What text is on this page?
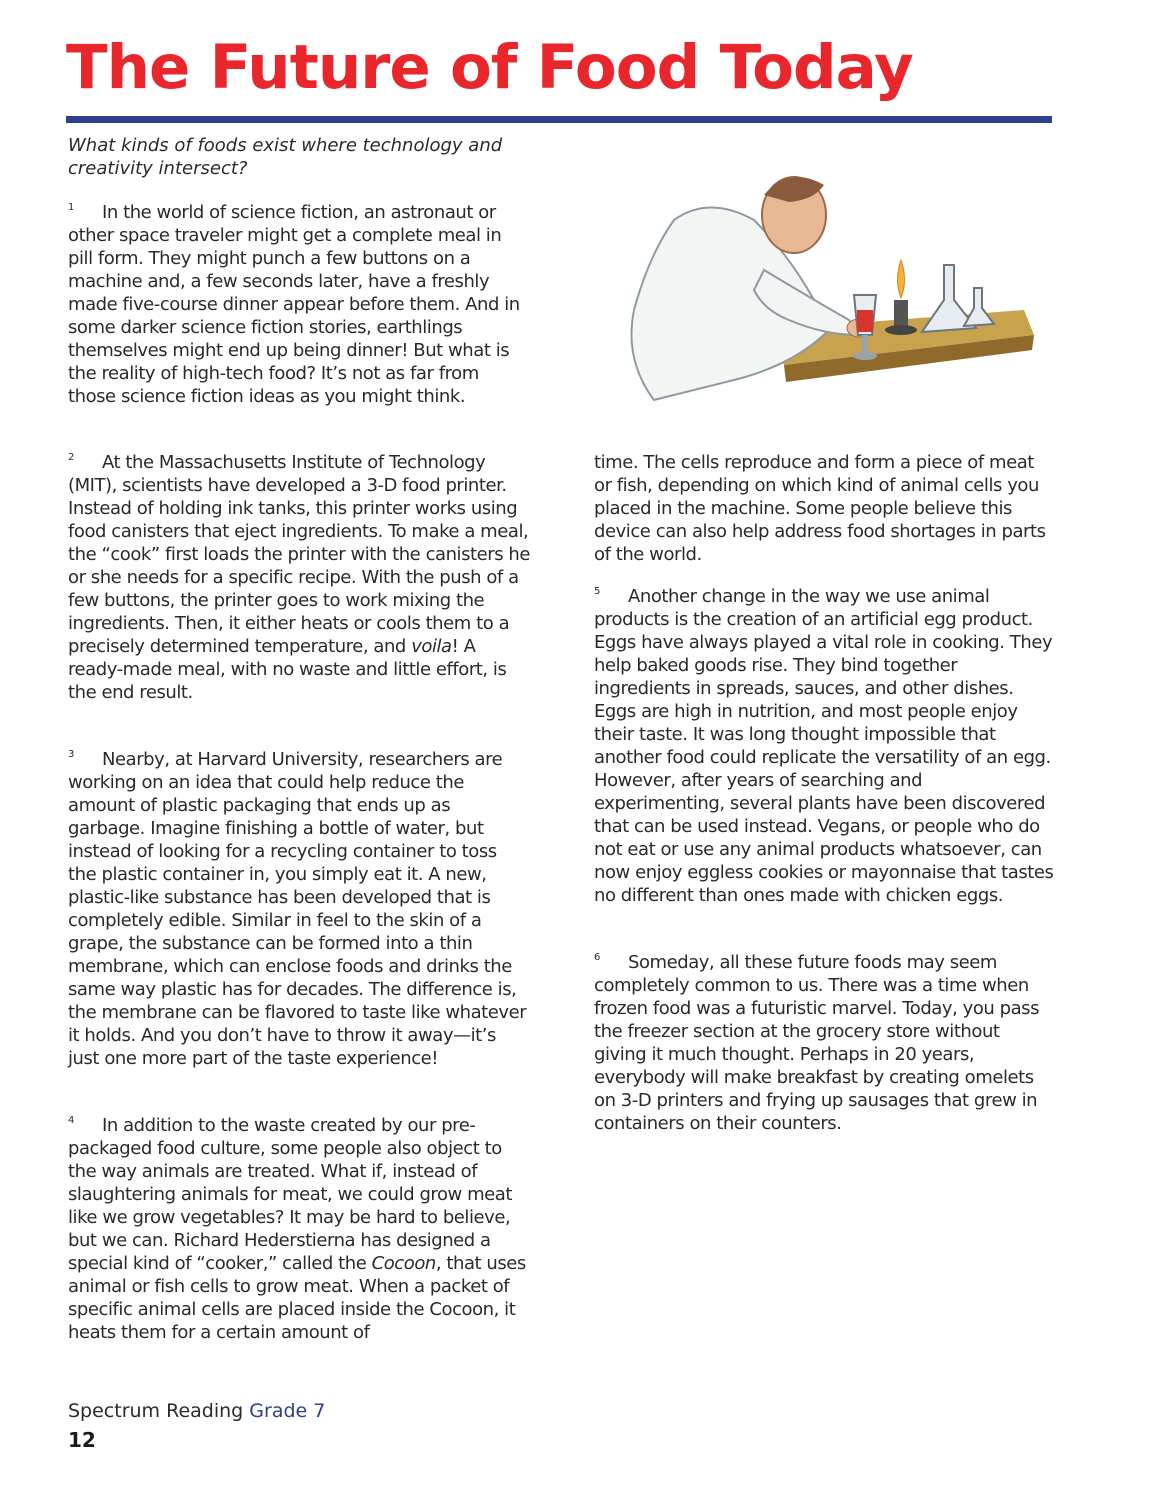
The Future of Food Today

What kinds of foods exist where technology and creativity intersect?

1 In the world of science fiction, an astronaut or other space traveler might get a complete meal in pill form. They might punch a few buttons on a machine and, a few seconds later, have a freshly made five-course dinner appear before them. And in some darker science fiction stories, earthlings themselves might end up being dinner! But what is the reality of high-tech food? It’s not as far from those science fiction ideas as you might think.

2 At the Massachusetts Institute of Technology (MIT), scientists have developed a 3-D food printer. Instead of holding ink tanks, this printer works using food canisters that eject ingredients. To make a meal, the “cook” first loads the printer with the canisters he or she needs for a specific recipe. With the push of a few buttons, the printer goes to work mixing the ingredients. Then, it either heats or cools them to a precisely determined temperature, and voila! A ready-made meal, with no waste and little effort, is the end result.

3 Nearby, at Harvard University, researchers are working on an idea that could help reduce the amount of plastic packaging that ends up as garbage. Imagine finishing a bottle of water, but instead of looking for a recycling container to toss the plastic container in, you simply eat it. A new, plastic-like substance has been developed that is completely edible. Similar in feel to the skin of a grape, the substance can be formed into a thin membrane, which can enclose foods and drinks the same way plastic has for decades. The difference is, the membrane can be flavored to taste like whatever it holds. And you don’t have to throw it away—it’s just one more part of the taste experience!

4 In addition to the waste created by our pre-packaged food culture, some people also object to the way animals are treated. What if, instead of slaughtering animals for meat, we could grow meat like we grow vegetables? It may be hard to believe, but we can. Richard Hederstierna has designed a special kind of “cooker,” called the Cocoon, that uses animal or fish cells to grow meat. When a packet of specific animal cells are placed inside the Cocoon, it heats them for a certain amount of

time. The cells reproduce and form a piece of meat or fish, depending on which kind of animal cells you placed in the machine. Some people believe this device can also help address food shortages in parts of the world.

5 Another change in the way we use animal products is the creation of an artificial egg product. Eggs have always played a vital role in cooking. They help baked goods rise. They bind together ingredients in spreads, sauces, and other dishes. Eggs are high in nutrition, and most people enjoy their taste. It was long thought impossible that another food could replicate the versatility of an egg. However, after years of searching and experimenting, several plants have been discovered that can be used instead. Vegans, or people who do not eat or use any animal products whatsoever, can now enjoy eggless cookies or mayonnaise that tastes no different than ones made with chicken eggs.

6 Someday, all these future foods may seem completely common to us. There was a time when frozen food was a futuristic marvel. Today, you pass the freezer section at the grocery store without giving it much thought. Perhaps in 20 years, everybody will make breakfast by creating omelets on 3-D printers and frying up sausages that grew in containers on their counters.

Spectrum Reading Grade 7

12
